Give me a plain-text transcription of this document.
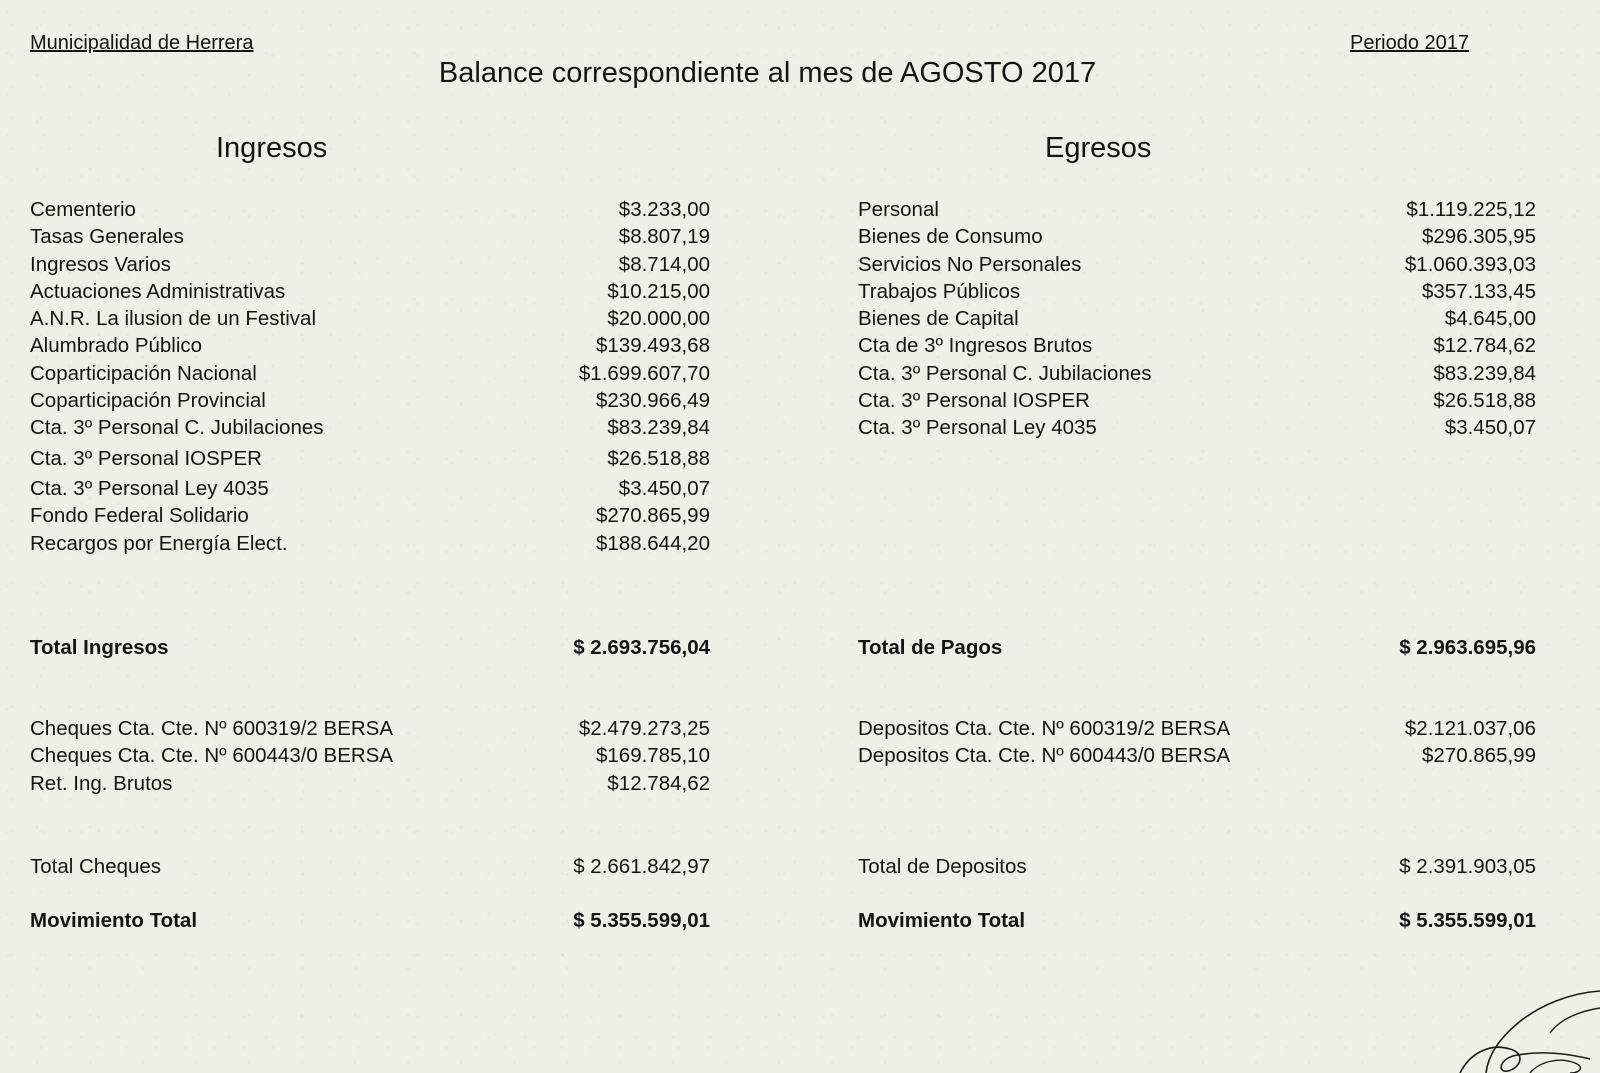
Municipalidad de Herrera	Periodo 2017
Balance correspondiente al mes de AGOSTO 2017
Ingresos	Egresos
Cementerio	$3.233,00
Tasas Generales	$8.807,19
Ingresos Varios	$8.714,00
Actuaciones Administrativas	$10.215,00
A.N.R. La ilusion de un Festival	$20.000,00
Alumbrado Público	$139.493,68
Coparticipación Nacional	$1.699.607,70
Coparticipación Provincial	$230.966,49
Cta. 3º Personal C. Jubilaciones	$83.239,84
Cta. 3º Personal IOSPER	$26.518,88
Cta. 3º Personal Ley 4035	$3.450,07
Fondo Federal Solidario	$270.865,99
Recargos por Energía Elect.	$188.644,20
Personal	$1.119.225,12
Bienes de Consumo	$296.305,95
Servicios No Personales	$1.060.393,03
Trabajos Públicos	$357.133,45
Bienes de Capital	$4.645,00
Cta de 3º Ingresos Brutos	$12.784,62
Cta. 3º Personal C. Jubilaciones	$83.239,84
Cta. 3º Personal IOSPER	$26.518,88
Cta. 3º Personal Ley 4035	$3.450,07
Total Ingresos	$ 2.693.756,04
Cheques Cta. Cte. Nº 600319/2 BERSA	$2.479.273,25
Cheques Cta. Cte. Nº 600443/0 BERSA	$169.785,10
Ret. Ing. Brutos	$12.784,62
Total Cheques	$ 2.661.842,97
Movimiento Total	$ 5.355.599,01
Total de Pagos	$ 2.963.695,96
Depositos Cta. Cte. Nº 600319/2 BERSA	$2.121.037,06
Depositos Cta. Cte. Nº 600443/0 BERSA	$270.865,99
Total de Depositos	$ 2.391.903,05
Movimiento Total	$ 5.355.599,01
